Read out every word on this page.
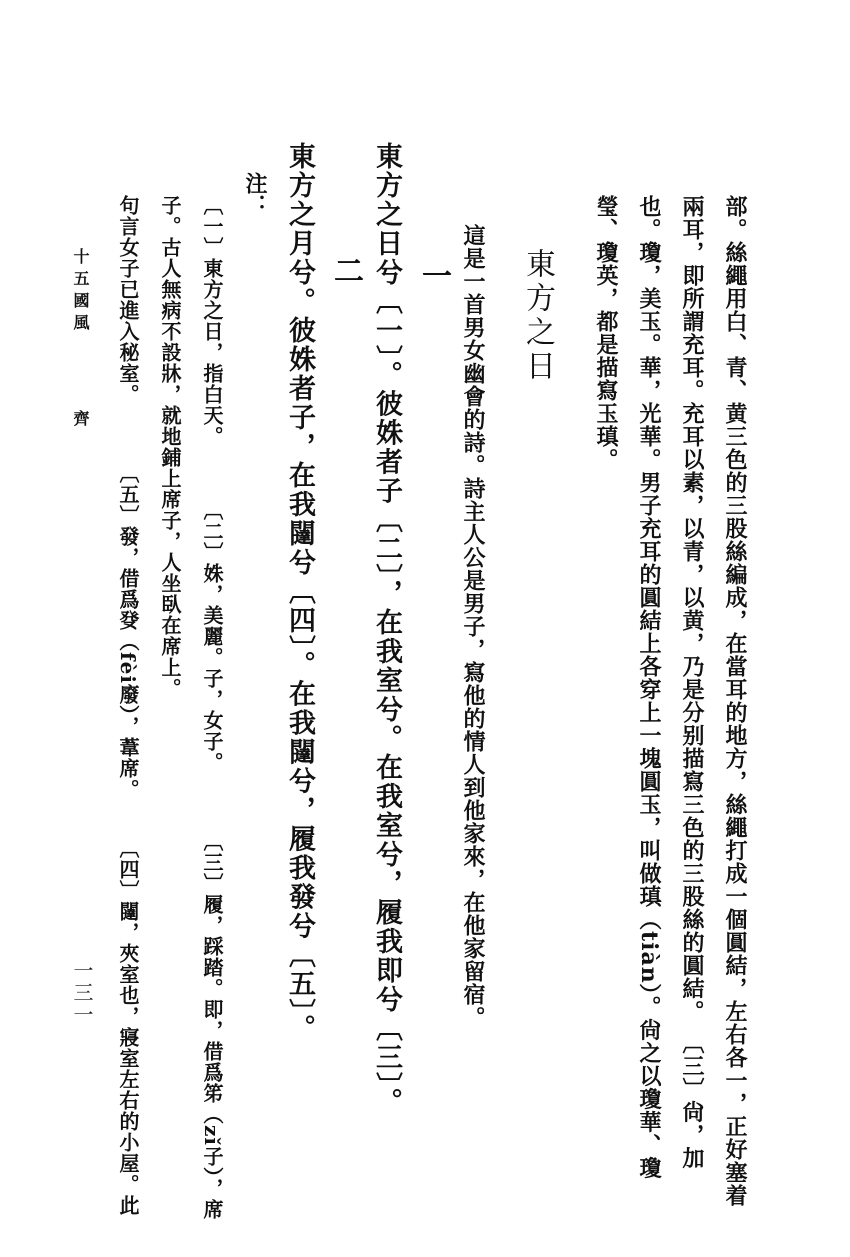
部。絲繩用白、青、黄三色的三股絲編成，在當耳的地方，絲繩打成一個圓結，左右各一，正好塞着
兩耳，即所謂充耳。充耳以素，以青，以黄，乃是分别描寫三色的三股絲的圓結。 〔三〕尙，加
也。瓊，美玉。華，光華。男子充耳的圓結上各穿上一塊圓玉，叫做瑱（tiàn）。尙之以瓊華、瓊
瑩、瓊英，都是描寫玉瑱。
東方之日
這是一首男女幽會的詩。詩主人公是男子，寫他的情人到他家來，在他家留宿。
一
東方之日兮〔一〕。彼姝者子〔二〕，在我室兮。在我室兮，履我即兮〔三〕。
二
東方之月兮。彼姝者子，在我闥兮〔四〕。在我闥兮，履我發兮〔五〕。
注：
〔一〕東方之日，指白天。 〔二〕姝，美麗。子，女子。 〔三〕履，踩踏。即，借爲笫（zǐ子），席
子。古人無病不設牀，就地鋪上席子，人坐臥在席上。
句言女子已進入秘室。 〔五〕發，借爲癹（fèi廢），葦席。 〔四〕闥，夾室也，寢室左右的小屋。此
十五國風
齊
一三一
